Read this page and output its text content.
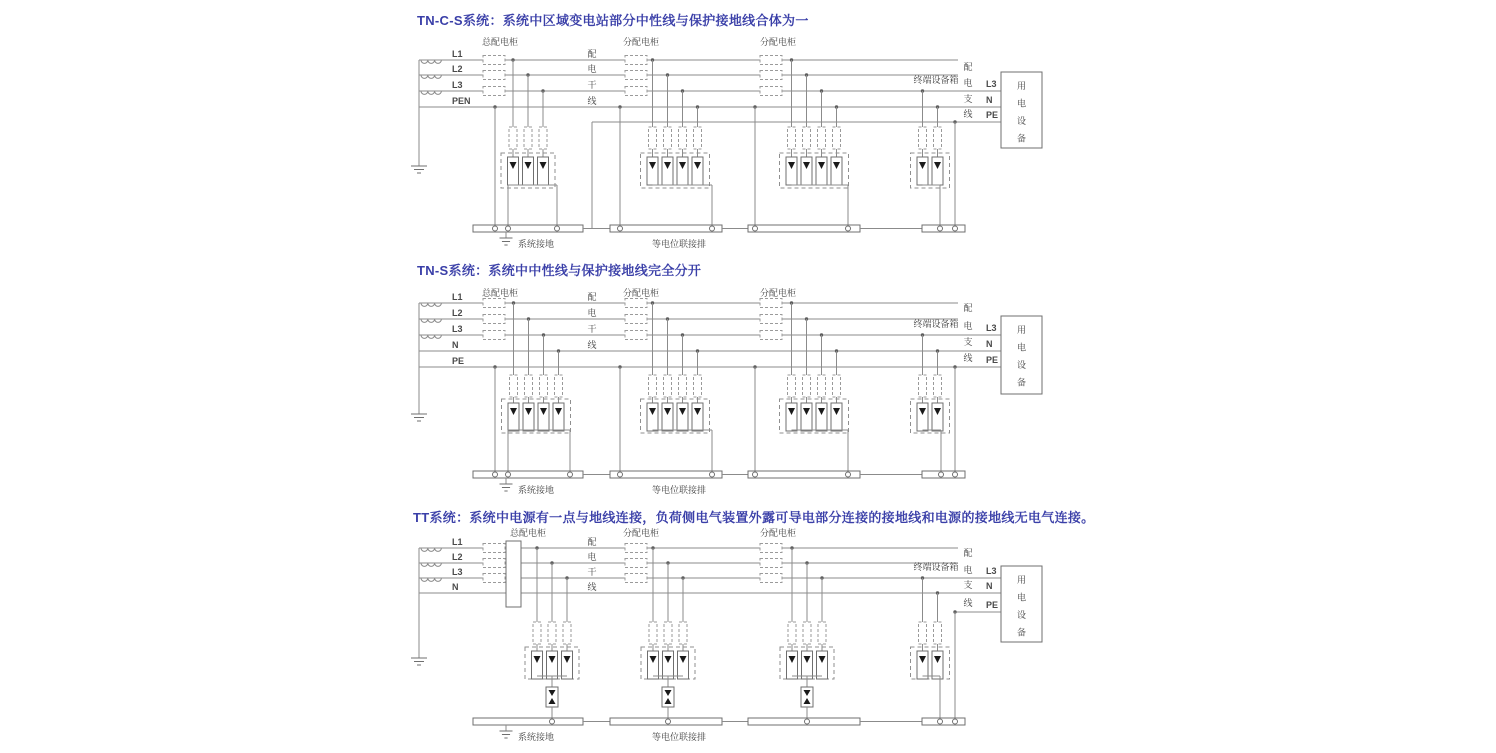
TN-C-S系统：系统中区域变电站部分中性线与保护接地线合体为一
TN-S系统：系统中中性线与保护接地线完全分开
TT系统：系统中电源有一点与地线连接，负荷侧电气装置外露可导电部分连接的接地线和电源的接地线无电气连接。
L1
L2
L3
PEN
总配电柜	分配电柜	分配电柜
配
电
干
线
终端设备箱
配
电
支
线
L3
N
PE
用
电
设
备
系统接地	等电位联接排
L1
L2
L3
N
PE
总配电柜	分配电柜	分配电柜
配
电
干
线
终端设备箱
配
电
支
线
L3
N
PE
用
电
设
备
系统接地	等电位联接排
L1
L2
L3
N
总配电柜	分配电柜	分配电柜
配
电
干
线
终端设备箱
配
电
支
线
L3
N
PE
用
电
设
备
系统接地	等电位联接排
